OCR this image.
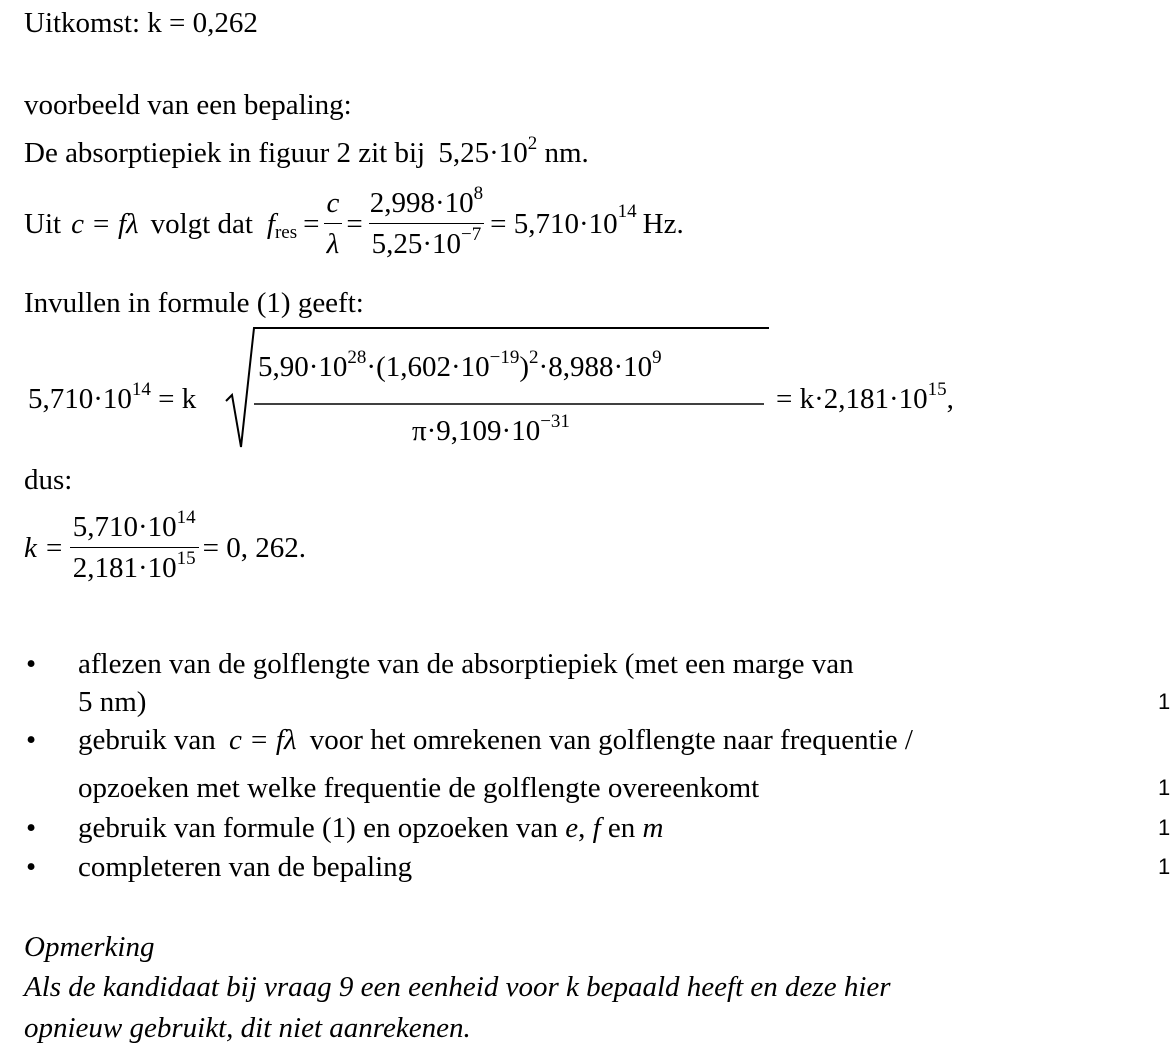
Uitkomst: k = 0,262
voorbeeld van een bepaling:
De absorptiepiek in figuur 2 zit bij $5,25\cdot 10^2$ nm.
Uit c = fλ volgt dat $f_{res} = \frac{c}{\lambda} = \frac{2,998\cdot 10^8}{5,25\cdot 10^{-7}} = 5,710\cdot 10^{14}$ Hz.
Invullen in formule (1) geeft:
$5,710\cdot 10^{14} = k$
$5,90\cdot 10^{28}\cdot(1,602\cdot 10^{-19})^2\cdot 8,988\cdot 10^9$
$\pi\cdot 9,109\cdot 10^{-31}$
= $k\cdot 2,181\cdot 10^{15}$,
dus:
$k = \frac{5,710\cdot 10^{14}}{2,181\cdot 10^{15}} = 0$, 262.
• aflezen van de golflengte van de absorptiepiek (met een marge van
5 nm)	1
• gebruik van c = fλ voor het omrekenen van golflengte naar frequentie /
opzoeken met welke frequentie de golflengte overeenkomt	1
• gebruik van formule (1) en opzoeken van e, f en m	1
• completeren van de bepaling	1
Opmerking
Als de kandidaat bij vraag 9 een eenheid voor k bepaald heeft en deze hier
opnieuw gebruikt, dit niet aanrekenen.
